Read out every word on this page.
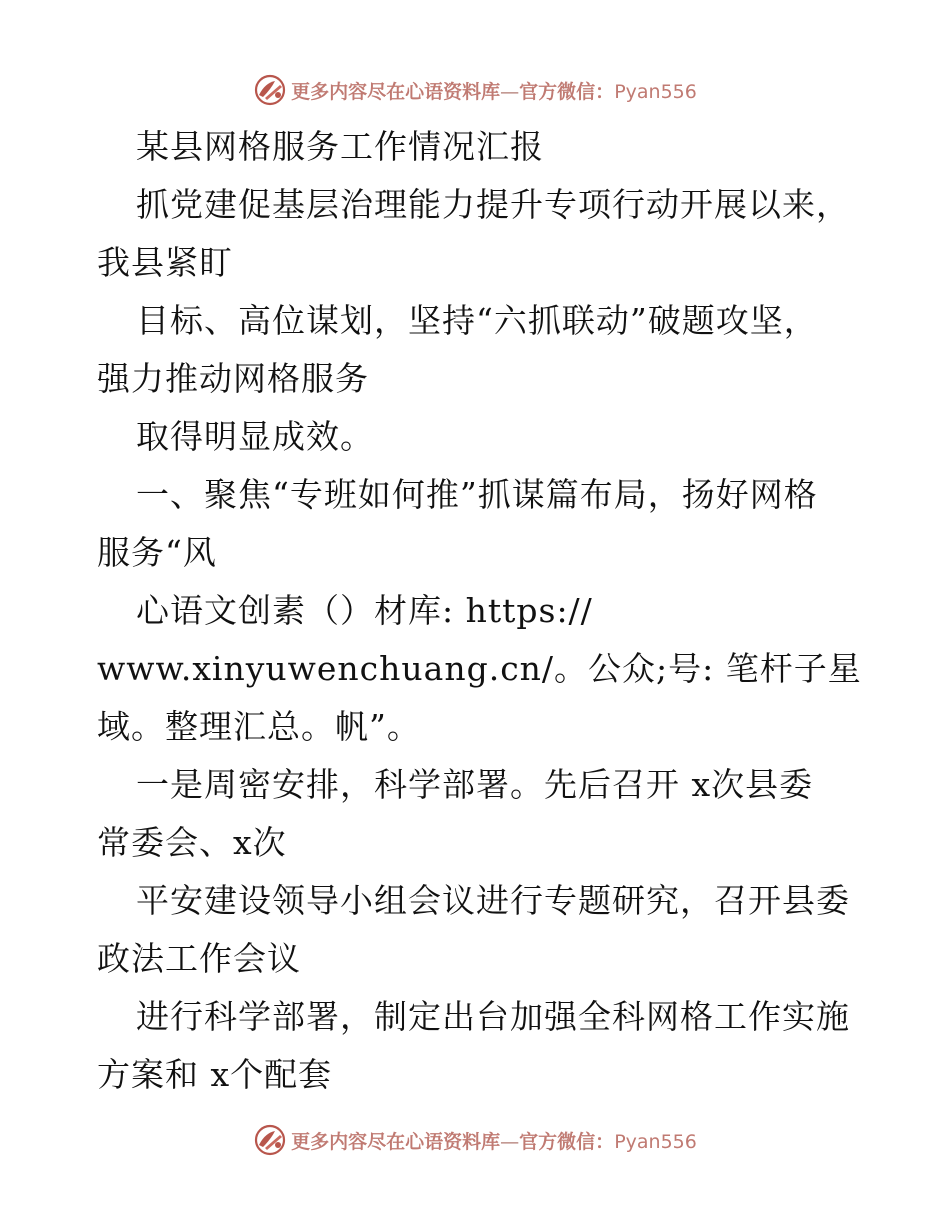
更多内容尽在心语资料库—官方微信：Pyan556
某县网格服务工作情况汇报
抓党建促基层治理能力提升专项行动开展以来，
我县紧盯
目标、高位谋划，坚持“六抓联动”破题攻坚，
强力推动网格服务
取得明显成效。
一、聚焦“专班如何推”抓谋篇布局，扬好网格
服务“风
心语文创素（）材库: https://
www.xinyuwenchuang.cn/。公众;号: 笔杆子星
域。整理汇总。帆”。
一是周密安排，科学部署。先后召开 x次县委
常委会、x次
平安建设领导小组会议进行专题研究，召开县委
政法工作会议
进行科学部署，制定出台加强全科网格工作实施
方案和 x个配套
更多内容尽在心语资料库—官方微信：Pyan556
